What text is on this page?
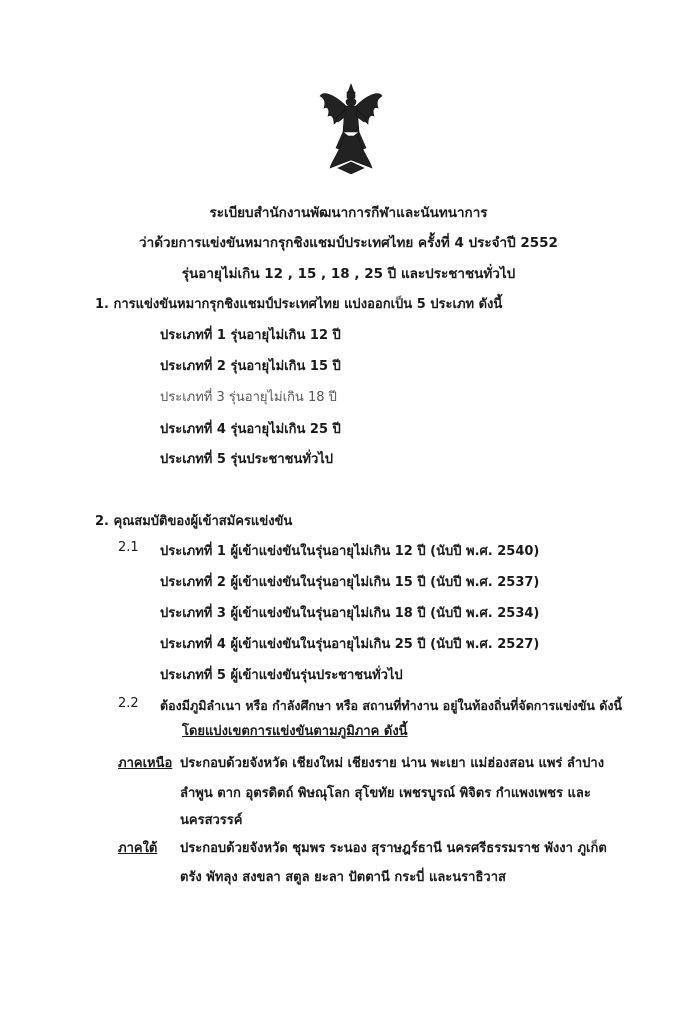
ระเบียบสำนักงานพัฒนาการกีฬาและนันทนาการ
ว่าด้วยการแข่งขันหมากรุกชิงแชมป์ประเทศไทย ครั้งที่ 4 ประจำปี 2552
รุ่นอายุไม่เกิน 12 , 15 , 18 , 25 ปี และประชาชนทั่วไป
1. การแข่งขันหมากรุกชิงแชมป์ประเทศไทย แบ่งออกเป็น 5 ประเภท ดังนี้
ประเภทที่ 1 รุ่นอายุไม่เกิน 12 ปี
ประเภทที่ 2 รุ่นอายุไม่เกิน 15 ปี
ประเภทที่ 3 รุ่นอายุไม่เกิน 18 ปี
ประเภทที่ 4 รุ่นอายุไม่เกิน 25 ปี
ประเภทที่ 5 รุ่นประชาชนทั่วไป
2. คุณสมบัติของผู้เข้าสมัครแข่งขัน
2.1 ประเภทที่ 1 ผู้เข้าแข่งขันในรุ่นอายุไม่เกิน 12 ปี (นับปี พ.ศ. 2540)
ประเภทที่ 2 ผู้เข้าแข่งขันในรุ่นอายุไม่เกิน 15 ปี (นับปี พ.ศ. 2537)
ประเภทที่ 3 ผู้เข้าแข่งขันในรุ่นอายุไม่เกิน 18 ปี (นับปี พ.ศ. 2534)
ประเภทที่ 4 ผู้เข้าแข่งขันในรุ่นอายุไม่เกิน 25 ปี (นับปี พ.ศ. 2527)
ประเภทที่ 5 ผู้เข้าแข่งขันรุ่นประชาชนทั่วไป
2.2 ต้องมีภูมิลำเนา หรือ กำลังศึกษา หรือ สถานที่ทำงาน อยู่ในท้องถิ่นที่จัดการแข่งขัน ดังนี้
โดยแบ่งเขตการแข่งขันตามภูมิภาค ดังนี้
ภาคเหนือ ประกอบด้วยจังหวัด เชียงใหม่ เชียงราย น่าน พะเยา แม่ฮ่องสอน แพร่ ลำปาง
ลำพูน ตาก อุตรดิตถ์ พิษณุโลก สุโขทัย เพชรบูรณ์ พิจิตร กำแพงเพชร และ
นครสวรรค์
ภาคใต้ ประกอบด้วยจังหวัด ชุมพร ระนอง สุราษฎร์ธานี นครศรีธรรมราช พังงา ภูเก็ต
ตรัง พัทลุง สงขลา สตูล ยะลา ปัตตานี กระบี่ และนราธิวาส
